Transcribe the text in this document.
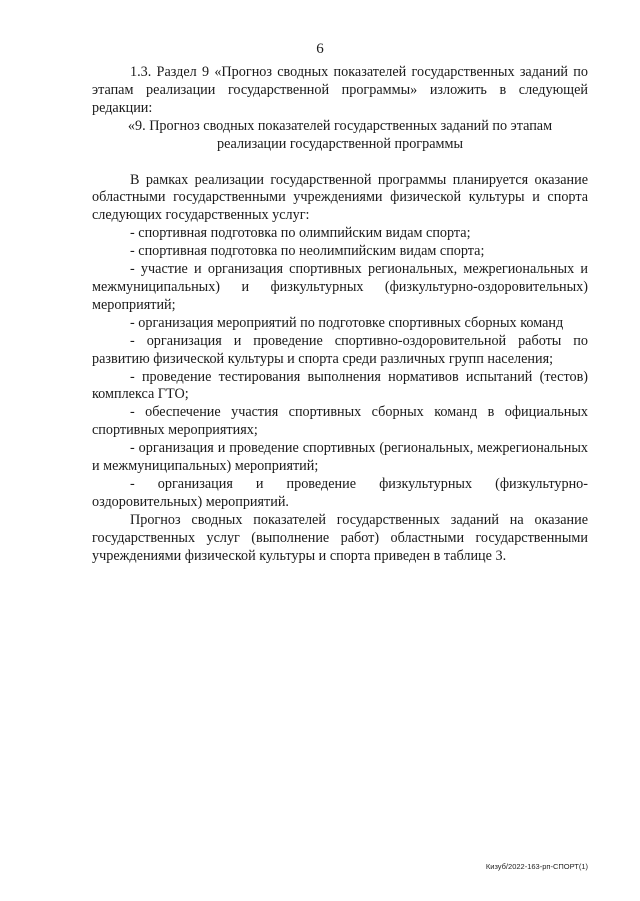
6

1.3. Раздел 9 «Прогноз сводных показателей государственных заданий по этапам реализации государственной программы» изложить в следующей редакции:

«9. Прогноз сводных показателей государственных заданий по этапам реализации государственной программы

В рамках реализации государственной программы планируется оказание областными государственными учреждениями физической культуры и спорта следующих государственных услуг:

- спортивная подготовка по олимпийским видам спорта;

- спортивная подготовка по неолимпийским видам спорта;

- участие и организация спортивных региональных, межрегиональных и межмуниципальных) и физкультурных (физкультурно-оздоровительных) мероприятий;

- организация мероприятий по подготовке спортивных сборных команд

- организация и проведение спортивно-оздоровительной работы по развитию физической культуры и спорта среди различных групп населения;

- проведение тестирования выполнения нормативов испытаний (тестов) комплекса ГТО;

- обеспечение участия спортивных сборных команд в официальных спортивных мероприятиях;

- организация и проведение спортивных (региональных, межрегиональных и межмуниципальных) мероприятий;

- организация и проведение физкультурных (физкультурно-оздоровительных) мероприятий.

Прогноз сводных показателей государственных заданий на оказание государственных услуг (выполнение работ) областными государственными учреждениями физической культуры и спорта приведен в таблице 3.

Кизуб/2022-163-рп-СПОРТ(1)
